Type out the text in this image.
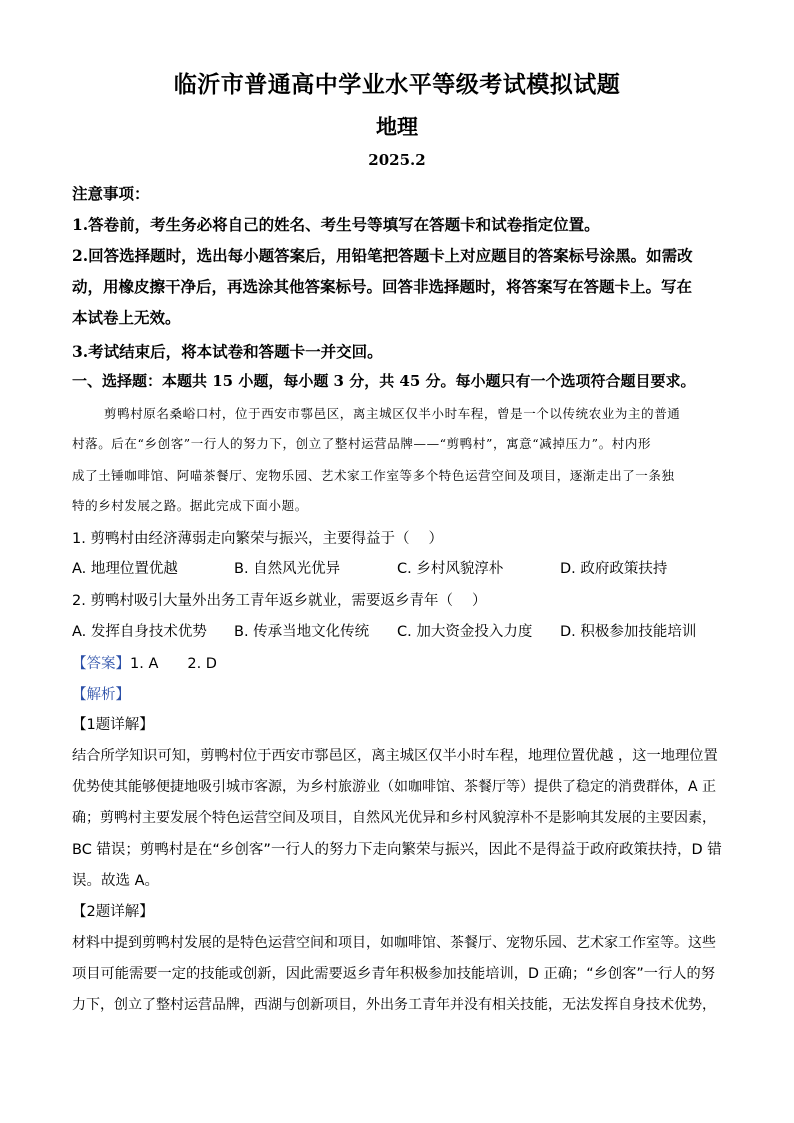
临沂市普通高中学业水平等级考试模拟试题
地理
2025.2
注意事项：
1.答卷前，考生务必将自己的姓名、考生号等填写在答题卡和试卷指定位置。
2.回答选择题时，选出每小题答案后，用铅笔把答题卡上对应题目的答案标号涂黑。如需改
动，用橡皮擦干净后，再选涂其他答案标号。回答非选择题时，将答案写在答题卡上。写在
本试卷上无效。
3.考试结束后，将本试卷和答题卡一并交回。
一、选择题：本题共 15 小题，每小题 3 分，共 45 分。每小题只有一个选项符合题目要求。
剪鸭村原名桑峪口村，位于西安市鄠邑区，离主城区仅半小时车程，曾是一个以传统农业为主的普通
村落。后在“乡创客”一行人的努力下，创立了整村运营品牌——“剪鸭村”，寓意“减掉压力”。村内形
成了土锤咖啡馆、阿喵茶餐厅、宠物乐园、艺术家工作室等多个特色运营空间及项目，逐渐走出了一条独
特的乡村发展之路。据此完成下面小题。
1. 剪鸭村由经济薄弱走向繁荣与振兴，主要得益于（　 ）
A. 地理位置优越	B. 自然风光优异	C. 乡村风貌淳朴	D. 政府政策扶持
2. 剪鸭村吸引大量外出务工青年返乡就业，需要返乡青年（　 ）
A. 发挥自身技术优势 B. 传承当地文化传统 C. 加大资金投入力度 D. 积极参加技能培训
【答案】1. A　　2. D
【解析】
【1题详解】
结合所学知识可知，剪鸭村位于西安市鄠邑区，离主城区仅半小时车程，地理位置优越 ，这一地理位置
优势使其能够便捷地吸引城市客源，为乡村旅游业（如咖啡馆、茶餐厅等）提供了稳定的消费群体，A 正
确；剪鸭村主要发展个特色运营空间及项目，自然风光优异和乡村风貌淳朴不是影响其发展的主要因素，
BC 错误；剪鸭村是在“乡创客”一行人的努力下走向繁荣与振兴，因此不是得益于政府政策扶持，D 错
误。故选 A。
【2题详解】
材料中提到剪鸭村发展的是特色运营空间和项目，如咖啡馆、茶餐厅、宠物乐园、艺术家工作室等。这些
项目可能需要一定的技能或创新，因此需要返乡青年积极参加技能培训，D 正确；“乡创客”一行人的努
力下，创立了整村运营品牌，西湖与创新项目，外出务工青年并没有相关技能，无法发挥自身技术优势，
